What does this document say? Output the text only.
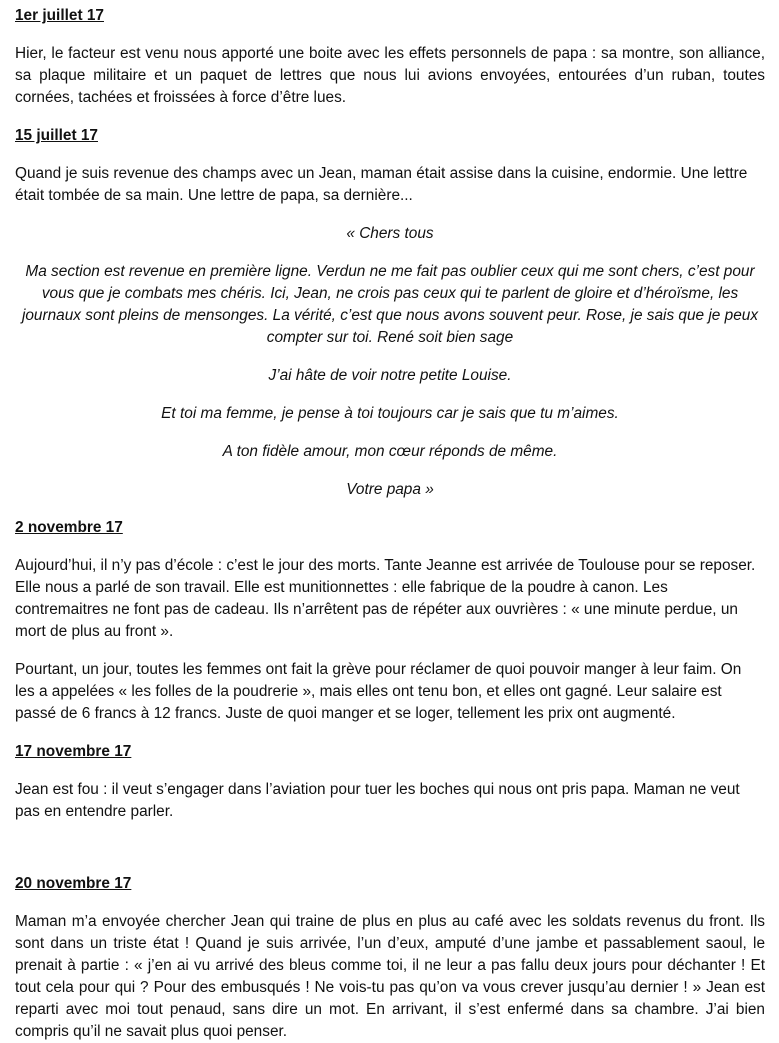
1er juillet 17

Hier, le facteur est venu nous apporté une boite avec les effets personnels de papa : sa montre, son alliance, sa plaque militaire et un paquet de lettres que nous lui avions envoyées, entourées d’un ruban, toutes cornées, tachées et froissées à force d’être lues.

15 juillet 17

Quand je suis revenue des champs avec un Jean, maman était assise dans la cuisine, endormie. Une lettre était tombée de sa main. Une lettre de papa, sa dernière...

« Chers tous

Ma section est revenue en première ligne. Verdun ne me fait pas oublier ceux qui me sont chers, c’est pour vous que je combats mes chéris. Ici, Jean, ne crois pas ceux qui te parlent de gloire et d’héroïsme, les journaux sont pleins de mensonges. La vérité, c’est que nous avons souvent peur. Rose, je sais que je peux compter sur toi. René soit bien sage

J’ai hâte de voir notre petite Louise.

Et toi ma femme, je pense à toi toujours car je sais que tu m’aimes.

A ton fidèle amour, mon cœur réponds de même.

Votre papa »

2 novembre 17

Aujourd’hui, il n’y pas d’école : c’est le jour des morts. Tante Jeanne est arrivée de Toulouse pour se reposer. Elle nous a parlé de son travail. Elle est munitionnettes : elle fabrique de la poudre à canon. Les contremaitres ne font pas de cadeau. Ils n’arrêtent pas de répéter aux ouvrières : « une minute perdue, un mort de plus au front ».

Pourtant, un jour, toutes les femmes ont fait la grève pour réclamer de quoi pouvoir manger à leur faim. On les a appelées « les folles de la poudrerie », mais elles ont tenu bon, et elles ont gagné. Leur salaire est passé de 6 francs à 12 francs. Juste de quoi manger et se loger, tellement les prix ont augmenté.

17 novembre 17

Jean est fou : il veut s’engager dans l’aviation pour tuer les boches qui nous ont pris papa. Maman ne veut pas en entendre parler.

20 novembre 17

Maman m’a envoyée chercher Jean qui traine de plus en plus au café avec les soldats revenus du front. Ils sont dans un triste état ! Quand je suis arrivée, l’un d’eux, amputé d’une jambe et passablement saoul, le prenait à partie : « j’en ai vu arrivé des bleus comme toi, il ne leur a pas fallu deux jours pour déchanter ! Et tout cela pour qui ? Pour des embusqués ! Ne vois-tu pas qu’on va vous crever jusqu’au dernier ! » Jean est reparti avec moi tout penaud, sans dire un mot. En arrivant, il s’est enfermé dans sa chambre. J’ai bien compris qu’il ne savait plus quoi penser.
